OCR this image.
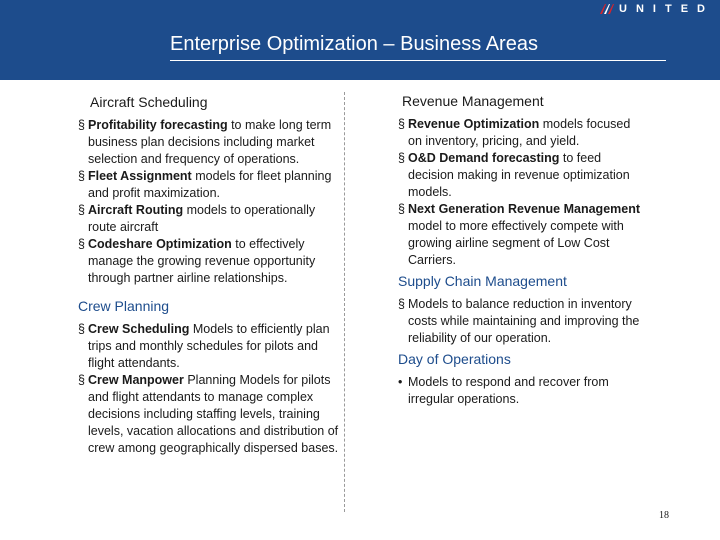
UNITED
Enterprise Optimization – Business Areas
Aircraft Scheduling
§ Profitability forecasting to make long term business plan decisions including market selection and frequency of operations.
§ Fleet Assignment models for fleet planning and profit maximization.
§ Aircraft Routing models to operationally route aircraft
§ Codeshare Optimization to effectively manage the growing revenue opportunity through partner airline relationships.
Crew Planning
§ Crew Scheduling Models to efficiently plan trips and monthly schedules for pilots and flight attendants.
§ Crew Manpower Planning Models for pilots and flight attendants to manage complex decisions including staffing levels, training levels, vacation allocations and distribution of crew among geographically dispersed bases.
Revenue Management
§ Revenue Optimization models focused on inventory, pricing, and yield.
§ O&D Demand forecasting to feed decision making in revenue optimization models.
§ Next Generation Revenue Management model to more effectively compete with growing airline segment of Low Cost Carriers.
Supply Chain Management
§ Models to balance reduction in inventory costs while maintaining and improving the reliability of our operation.
Day of Operations
• Models to respond and recover from irregular operations.
18
